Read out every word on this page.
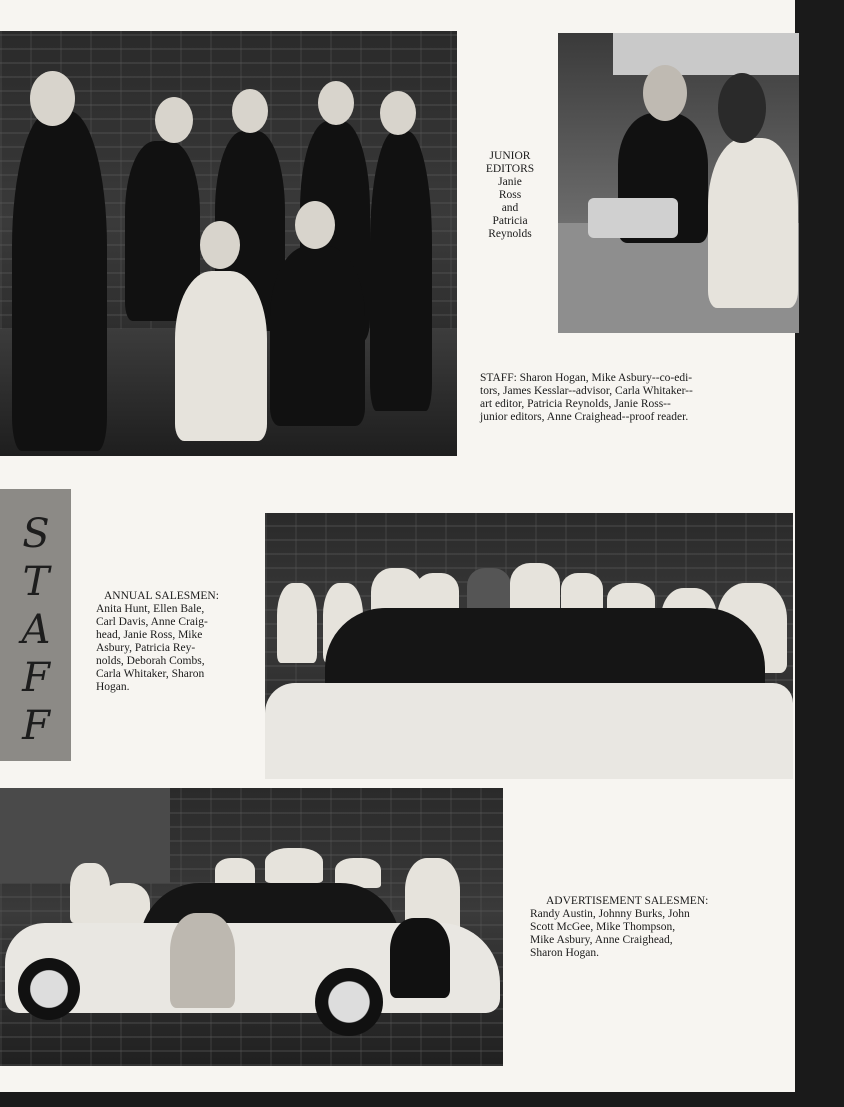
JUNIOR EDITORS
Janie
Ross
and
Patricia
Reynolds
STAFF: Sharon Hogan, Mike Asbury--co-edi-
tors, James Kesslar--advisor, Carla Whitaker--
art editor, Patricia Reynolds, Janie Ross--
junior editors, Anne Craighead--proof reader.
S
T
A
F
F
ANNUAL SALESMEN:
Anita Hunt, Ellen Bale,
Carl Davis, Anne Craig-
head, Janie Ross, Mike
Asbury, Patricia Rey-
nolds, Deborah Combs,
Carla Whitaker, Sharon
Hogan.
ADVERTISEMENT SALESMEN:
Randy Austin, Johnny Burks, John
Scott McGee, Mike Thompson,
Mike Asbury, Anne Craighead,
Sharon Hogan.
